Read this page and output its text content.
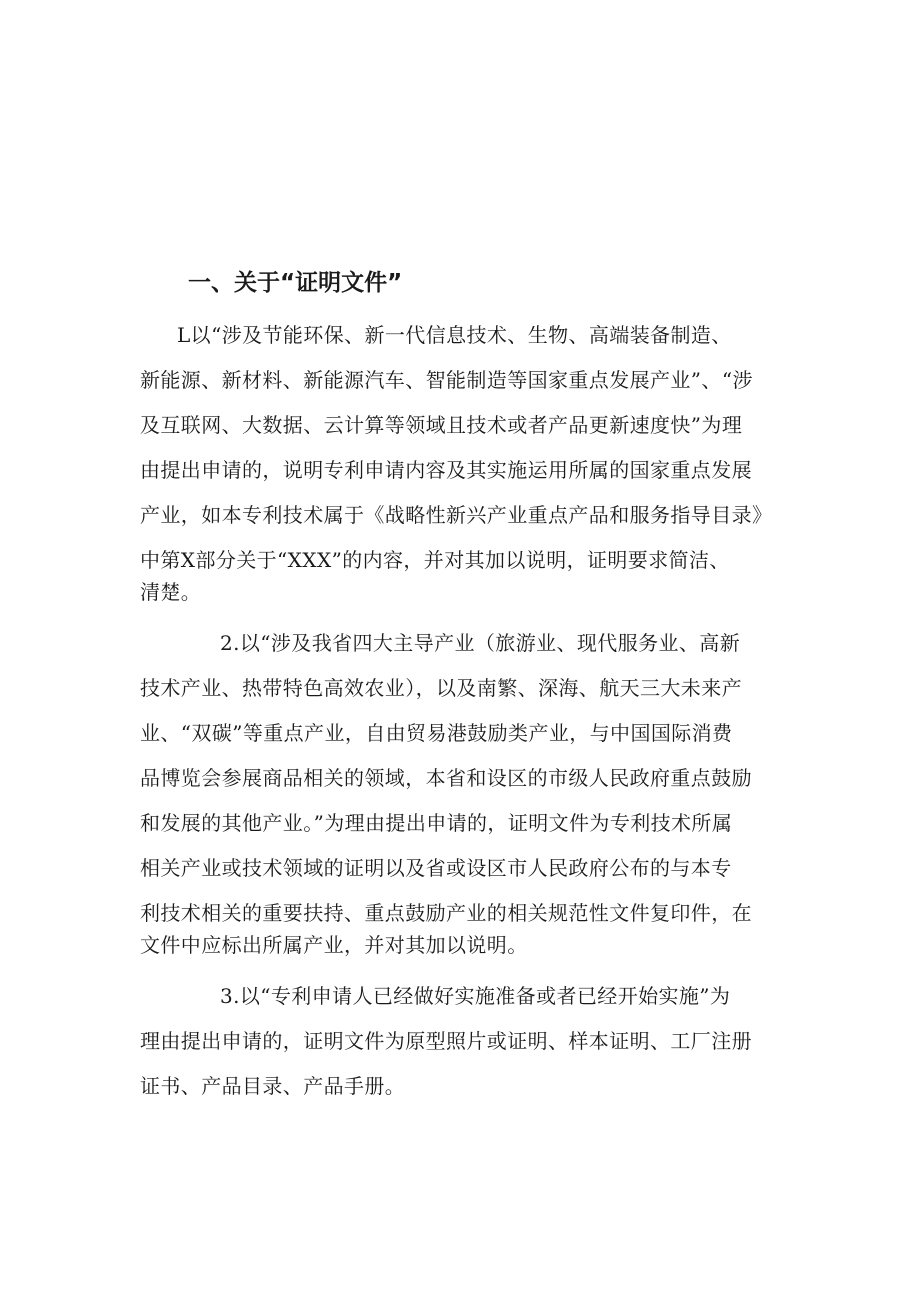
一、关于“证明文件”
L以“涉及节能环保、新一代信息技术、生物、高端装备制造、
新能源、新材料、新能源汽车、智能制造等国家重点发展产业”、“涉
及互联网、大数据、云计算等领域且技术或者产品更新速度快”为理
由提出申请的，说明专利申请内容及其实施运用所属的国家重点发展
产业，如本专利技术属于《战略性新兴产业重点产品和服务指导目录》
中第X部分关于“XXX”的内容，并对其加以说明，证明要求简洁、
清楚。
2.以“涉及我省四大主导产业（旅游业、现代服务业、高新
技术产业、热带特色高效农业），以及南繁、深海、航天三大未来产
业、“双碳”等重点产业，自由贸易港鼓励类产业，与中国国际消费
品博览会参展商品相关的领域，本省和设区的市级人民政府重点鼓励
和发展的其他产业。”为理由提出申请的，证明文件为专利技术所属
相关产业或技术领域的证明以及省或设区市人民政府公布的与本专
利技术相关的重要扶持、重点鼓励产业的相关规范性文件复印件，在
文件中应标出所属产业，并对其加以说明。
3.以“专利申请人已经做好实施准备或者已经开始实施”为
理由提出申请的，证明文件为原型照片或证明、样本证明、工厂注册
证书、产品目录、产品手册。
